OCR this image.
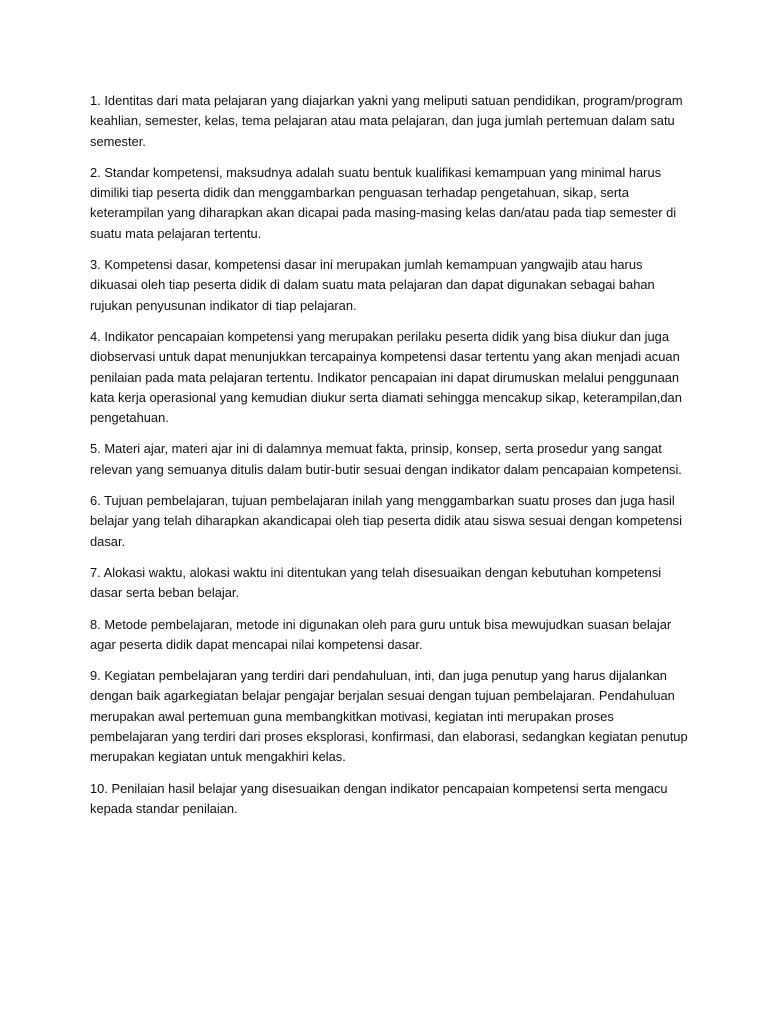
1. Identitas dari mata pelajaran yang diajarkan yakni yang meliputi satuan pendidikan, program/program keahlian, semester, kelas, tema pelajaran atau mata pelajaran, dan juga jumlah pertemuan dalam satu semester.

2. Standar kompetensi, maksudnya adalah suatu bentuk kualifikasi kemampuan yang minimal harus dimiliki tiap peserta didik dan menggambarkan penguasan terhadap pengetahuan, sikap, serta keterampilan yang diharapkan akan dicapai pada masing-masing kelas dan/atau pada tiap semester di suatu mata pelajaran tertentu.

3. Kompetensi dasar, kompetensi dasar ini merupakan jumlah kemampuan yangwajib atau harus dikuasai oleh tiap peserta didik di dalam suatu mata pelajaran dan dapat digunakan sebagai bahan rujukan penyusunan indikator di tiap pelajaran.

4. Indikator pencapaian kompetensi yang merupakan perilaku peserta didik yang bisa diukur dan juga diobservasi untuk dapat menunjukkan tercapainya kompetensi dasar tertentu yang akan menjadi acuan penilaian pada mata pelajaran tertentu. Indikator pencapaian ini dapat dirumuskan melalui penggunaan kata kerja operasional yang kemudian diukur serta diamati sehingga mencakup sikap, keterampilan,dan pengetahuan.

5. Materi ajar, materi ajar ini di dalamnya memuat fakta, prinsip, konsep, serta prosedur yang sangat relevan yang semuanya ditulis dalam butir-butir sesuai dengan indikator dalam pencapaian kompetensi.

6. Tujuan pembelajaran, tujuan pembelajaran inilah yang menggambarkan suatu proses dan juga hasil belajar yang telah diharapkan akandicapai oleh tiap peserta didik atau siswa sesuai dengan kompetensi dasar.

7. Alokasi waktu, alokasi waktu ini ditentukan yang telah disesuaikan dengan kebutuhan kompetensi dasar serta beban belajar.

8. Metode pembelajaran, metode ini digunakan oleh para guru untuk bisa mewujudkan suasan belajar agar peserta didik dapat mencapai nilai kompetensi dasar.

9. Kegiatan pembelajaran yang terdiri dari pendahuluan, inti, dan juga penutup yang harus dijalankan dengan baik agarkegiatan belajar pengajar berjalan sesuai dengan tujuan pembelajaran. Pendahuluan merupakan awal pertemuan guna membangkitkan motivasi, kegiatan inti merupakan proses pembelajaran yang terdiri dari proses eksplorasi, konfirmasi, dan elaborasi, sedangkan kegiatan penutup merupakan kegiatan untuk mengakhiri kelas.

10. Penilaian hasil belajar yang disesuaikan dengan indikator pencapaian kompetensi serta mengacu kepada standar penilaian.
